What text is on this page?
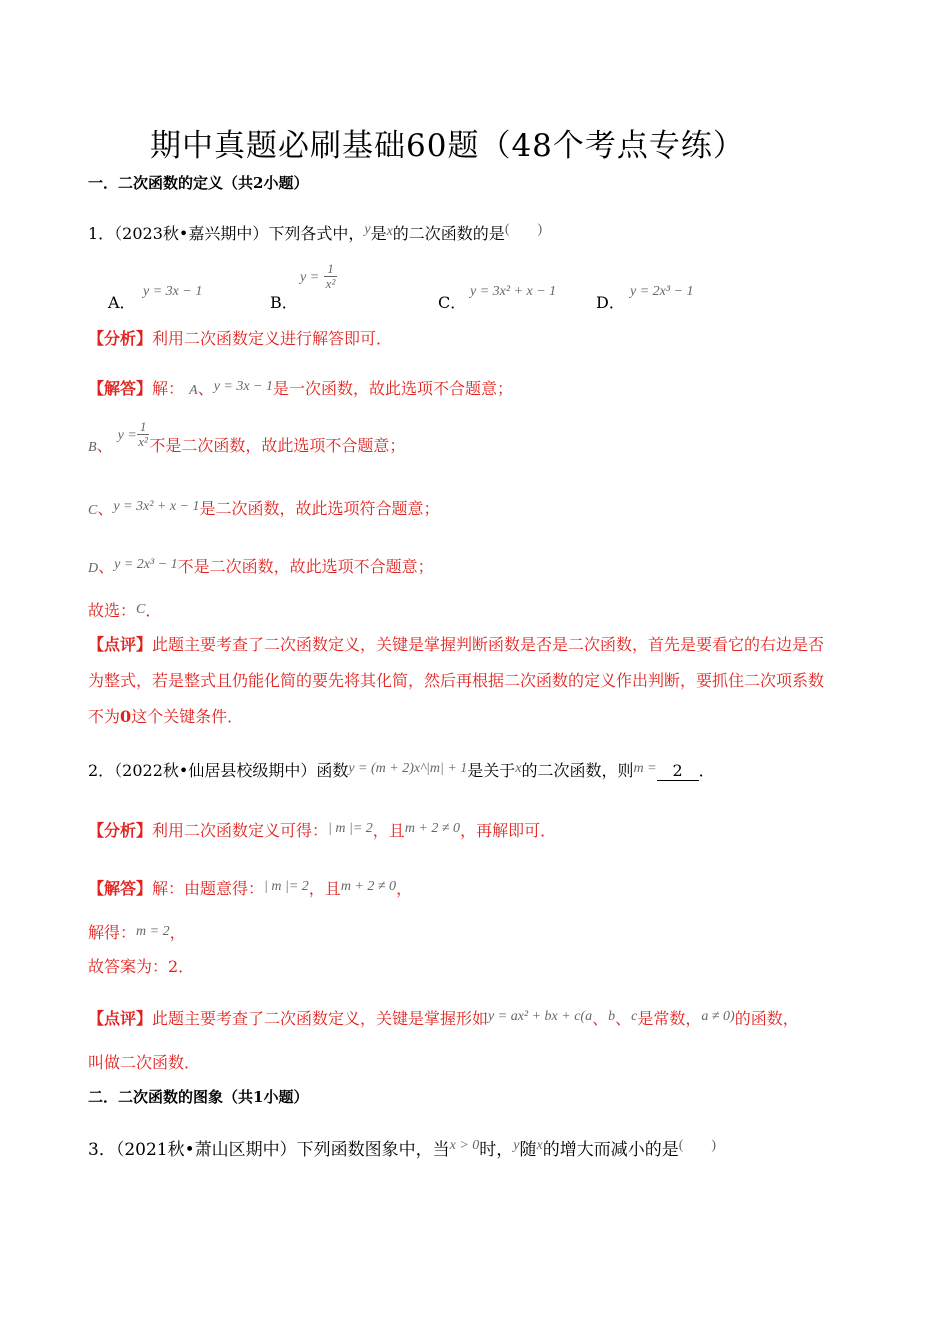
期中真题必刷基础60题（48个考点专练）
一．二次函数的定义（共2小题）
1．（2023秋•嘉兴期中）下列各式中，y是x的二次函数的是(　　)
A．
y = 3x − 1
B．
$y = \frac{1}{\text{x²}}$
C．
y = 3x² + x − 1
D．
y = 2x³ − 1
【分析】利用二次函数定义进行解答即可．
【解答】解： A、y = 3x − 1是一次函数，故此选项不合题意；
B、 $y = \frac{1}{\text{x²}}$ 不是二次函数，故此选项不合题意；
C、y = 3x² + x − 1是二次函数，故此选项符合题意；
D、y = 2x³ − 1不是二次函数，故此选项不合题意；
故选：C．
【点评】此题主要考查了二次函数定义，关键是掌握判断函数是否是二次函数，首先是要看它的右边是否
为整式，若是整式且仍能化简的要先将其化简，然后再根据二次函数的定义作出判断，要抓住二次项系数
不为0这个关键条件．
2．（2022秋•仙居县校级期中）函数y = (m + 2)x^|m| + 1是关于x的二次函数，则m = 2 ．
【分析】利用二次函数定义可得：| m |= 2，且m + 2 ≠ 0，再解即可．
【解答】解：由题意得：| m |= 2，且m + 2 ≠ 0，
解得：m = 2，
故答案为：2．
【点评】此题主要考查了二次函数定义，关键是掌握形如y = ax² + bx + c(a、b、c是常数，a ≠ 0)的函数，
叫做二次函数．
二．二次函数的图象（共1小题）
3．（2021秋•萧山区期中）下列函数图象中，当$^{x > 0}$时，$^y$随$^x$的增大而减小的是(　　)
